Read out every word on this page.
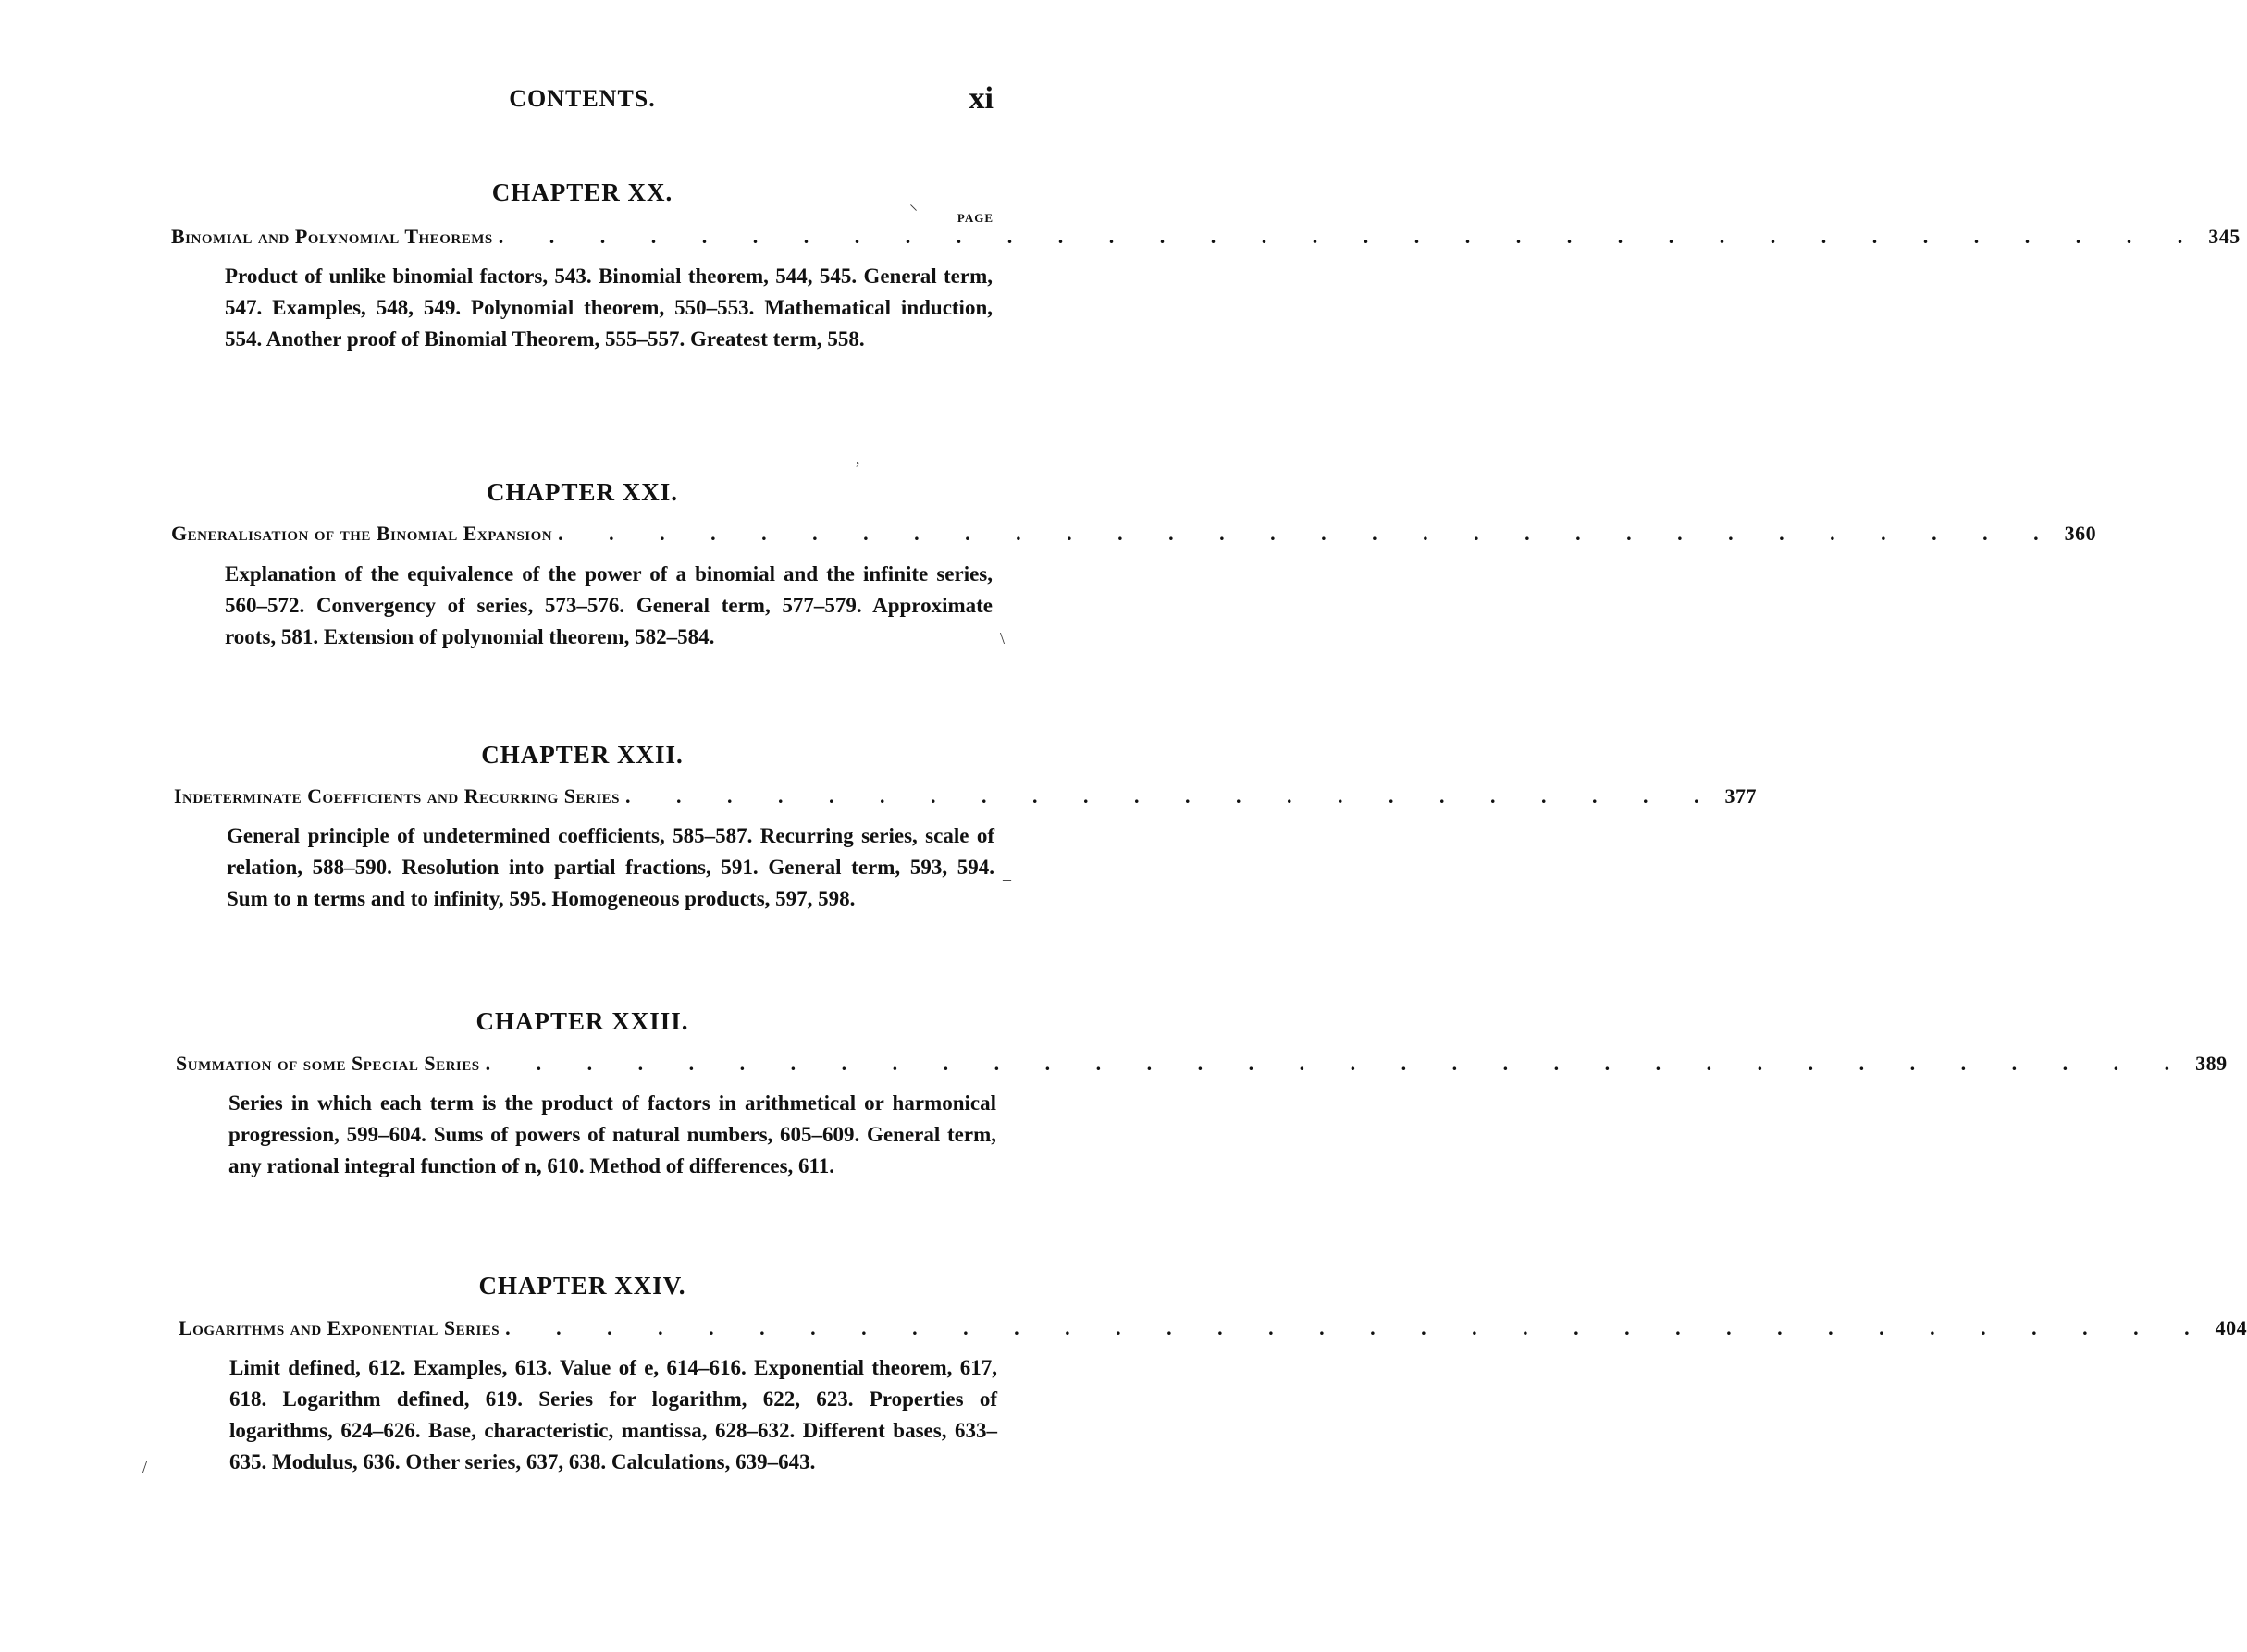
CONTENTS.	xi
CHAPTER XX.
PAGE
Binomial and Polynomial Theorems . . . . . . . . . . . . . . . . . . . . . . . . . . . . . . . . . . 345
Product of unlike binomial factors, 543. Binomial theorem, 544, 545. General term, 547. Examples, 548, 549. Polynomial theorem, 550–553. Mathematical induction, 554. Another proof of Binomial Theorem, 555–557. Greatest term, 558.
CHAPTER XXI.
Generalisation of the Binomial Expansion . . . . . . . . . . . . . . . . . . . . . . . . . . . . . . 360
Explanation of the equivalence of the power of a binomial and the infinite series, 560–572. Convergency of series, 573–576. General term, 577–579. Approximate roots, 581. Extension of polynomial theorem, 582–584.
CHAPTER XXII.
Indeterminate Coefficients and Recurring Series . . . . . . . . . . . . . . . . . . . . . . 377
General principle of undetermined coefficients, 585–587. Recurring series, scale of relation, 588–590. Resolution into partial fractions, 591. General term, 593, 594. Sum to n terms and to infinity, 595. Homogeneous products, 597, 598.
CHAPTER XXIII.
Summation of some Special Series . . . . . . . . . . . . . . . . . . . . . . . . . . . . . . . . . . 389
Series in which each term is the product of factors in arithmetical or harmonical progression, 599–604. Sums of powers of natural numbers, 605–609. General term, any rational integral function of n, 610. Method of differences, 611.
CHAPTER XXIV.
Logarithms and Exponential Series . . . . . . . . . . . . . . . . . . . . . . . . . . . . . . . . . . 404
Limit defined, 612. Examples, 613. Value of e, 614–616. Exponential theorem, 617, 618. Logarithm defined, 619. Series for logarithm, 622, 623. Properties of logarithms, 624–626. Base, characteristic, mantissa, 628–632. Different bases, 633–635. Modulus, 636. Other series, 637, 638. Calculations, 639–643.
⸌
ʼ
\
–
/
